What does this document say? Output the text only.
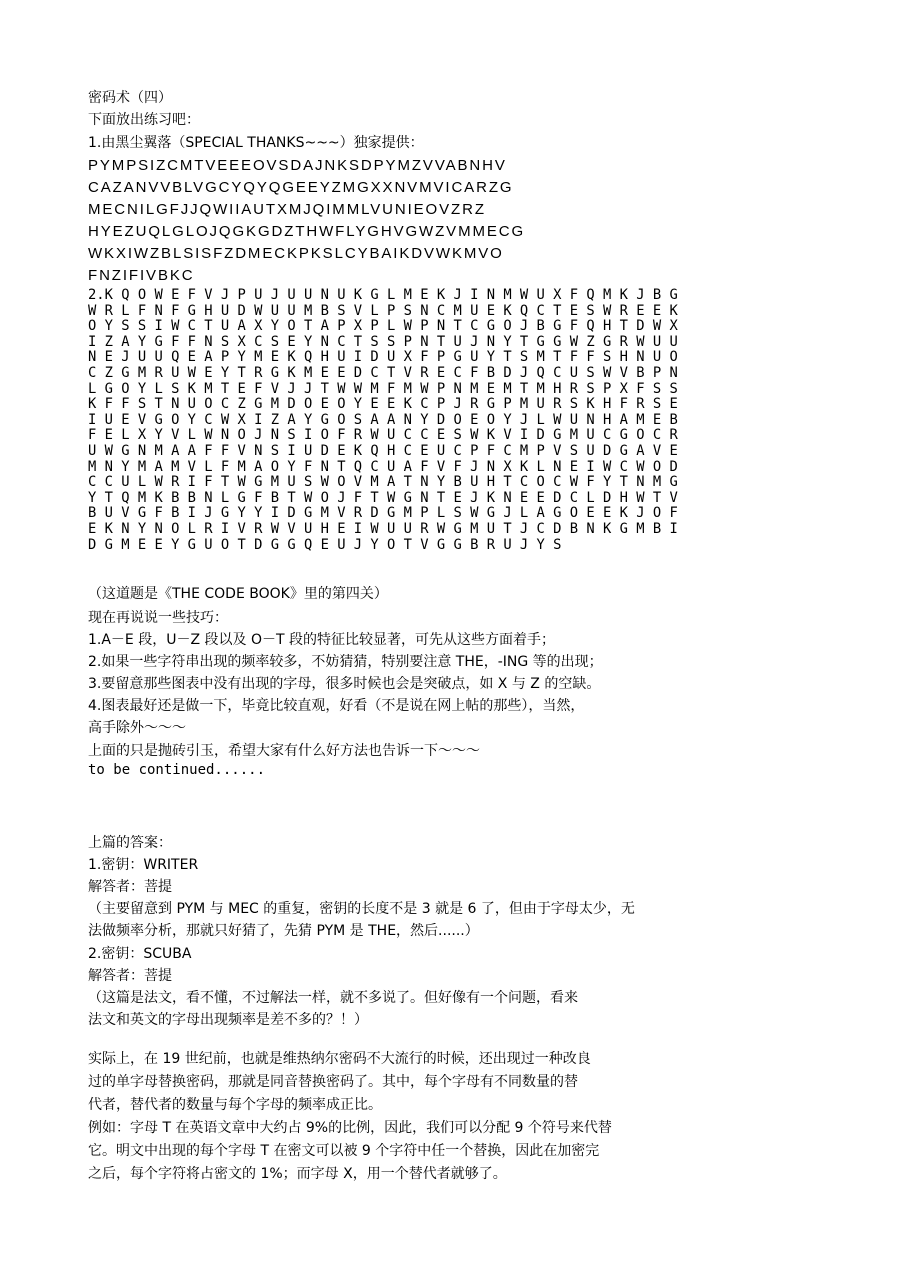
密码术（四）
下面放出练习吧：
1.由黑尘翼落（SPECIAL THANKS~~~）独家提供：
PYMPSIZCMTVEEEOVSDAJNKSDPYMZVVABNHV
CAZANVVBLVGCYQYQGEEYZMGXXNVMVICARZG
MECNILGFJJQWIIAUTXMJQIMMLVUNIEOVZRZ
HYEZUQLGLOJQGKGDZTHWFLYGHVGWZVMMECG
WKXIWZBLSISFZDMECKPKSLCYBAIKDVWKMVO
FNZIFIVBKC
2.K Q O W E F V J P U J U U N U K G L M E K J I N M W U X F Q M K J B G
W R L F N F G H U D W U U M B S V L P S N C M U E K Q C T E S W R E E K
O Y S S I W C T U A X Y O T A P X P L W P N T C G O J B G F Q H T D W X
I Z A Y G F F N S X C S E Y N C T S S P N T U J N Y T G G W Z G R W U U
N E J U U Q E A P Y M E K Q H U I D U X F P G U Y T S M T F F S H N U O
C Z G M R U W E Y T R G K M E E D C T V R E C F B D J Q C U S W V B P N
L G O Y L S K M T E F V J J T W W M F M W P N M E M T M H R S P X F S S
K F F S T N U O C Z G M D O E O Y E E K C P J R G P M U R S K H F R S E
I U E V G O Y C W X I Z A Y G O S A A N Y D O E O Y J L W U N H A M E B
F E L X Y V L W N O J N S I O F R W U C C E S W K V I D G M U C G O C R
U W G N M A A F F V N S I U D E K Q H C E U C P F C M P V S U D G A V E
M N Y M A M V L F M A O Y F N T Q C U A F V F J N X K L N E I W C W O D
C C U L W R I F T W G M U S W O V M A T N Y B U H T C O C W F Y T N M G
Y T Q M K B B N L G F B T W O J F T W G N T E J K N E E D C L D H W T V
B U V G F B I J G Y Y I D G M V R D G M P L S W G J L A G O E E K J O F
E K N Y N O L R I V R W V U H E I W U U R W G M U T J C D B N K G M B I
D G M E E Y G U O T D G G Q E U J Y O T V G G B R U J Y S
（这道题是《THE CODE BOOK》里的第四关）
现在再说说一些技巧：
1.A－E 段，U－Z 段以及 O－T 段的特征比较显著，可先从这些方面着手；
2.如果一些字符串出现的频率较多，不妨猜猜，特别要注意 THE，-ING 等的出现；
3.要留意那些图表中没有出现的字母，很多时候也会是突破点，如 X 与 Z 的空缺。
4.图表最好还是做一下，毕竟比较直观，好看（不是说在网上帖的那些），当然，
高手除外～～～
上面的只是抛砖引玉，希望大家有什么好方法也告诉一下～～～
to be continued......
上篇的答案：
1.密钥：WRITER
解答者：菩提
（主要留意到 PYM 与 MEC 的重复，密钥的长度不是 3 就是 6 了，但由于字母太少，无
法做频率分析，那就只好猜了，先猜 PYM 是 THE，然后......）
2.密钥：SCUBA
解答者：菩提
（这篇是法文，看不懂，不过解法一样，就不多说了。但好像有一个问题，看来
法文和英文的字母出现频率是差不多的？！）
实际上，在 19 世纪前，也就是维热纳尔密码不大流行的时候，还出现过一种改良
过的单字母替换密码，那就是同音替换密码了。其中，每个字母有不同数量的替
代者，替代者的数量与每个字母的频率成正比。
例如：字母 T 在英语文章中大约占 9%的比例，因此，我们可以分配 9 个符号来代替
它。明文中出现的每个字母 T 在密文可以被 9 个字符中任一个替换，因此在加密完
之后，每个字符将占密文的 1%；而字母 X，用一个替代者就够了。
